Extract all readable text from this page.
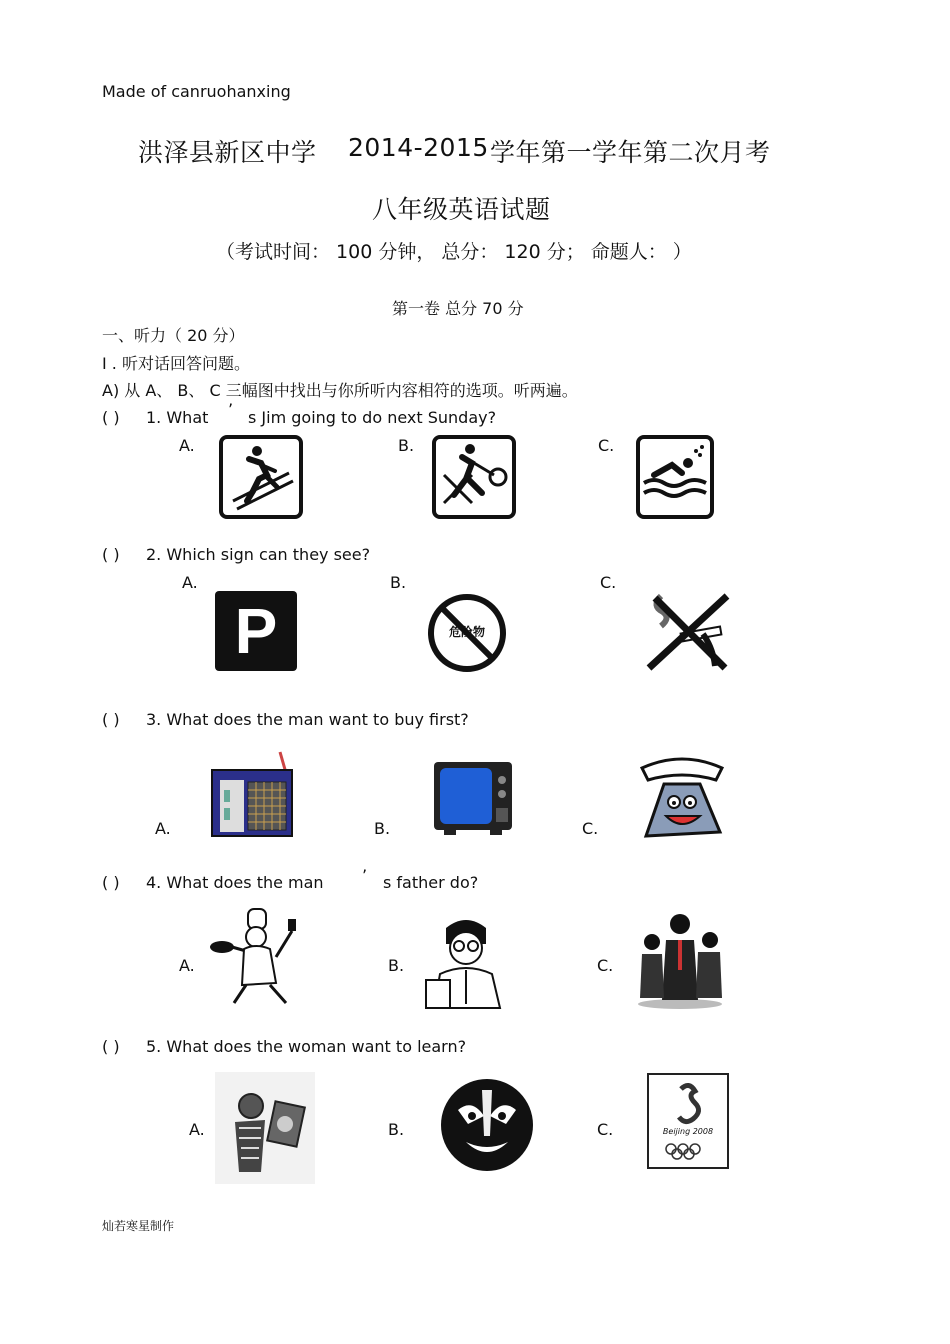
Made of canruohanxing
洪泽县新区中学 2014-2015 学年第一学年第二次月考
八年级英语试题
（考试时间： 100 分钟， 总分： 120 分； 命题人： ）
第一卷 总分 70 分
一、听力（ 20 分）
I . 听对话回答问题。
A) 从 A、 B、 C 三幅图中找出与你所听内容相符的选项。听两遍。
( ) 1. What ’ s Jim going to do next Sunday?
A.	B.	C.
( ) 2. Which sign can they see?
A.	B.	C.
P	危险物
( ) 3. What does the man want to buy first?
A.	B.	C.
( ) 4. What does the man ’ s father do?
A.	B.	C.
( ) 5. What does the woman want to learn?
A.	B.	C.	Beijing 2008
灿若寒星制作
